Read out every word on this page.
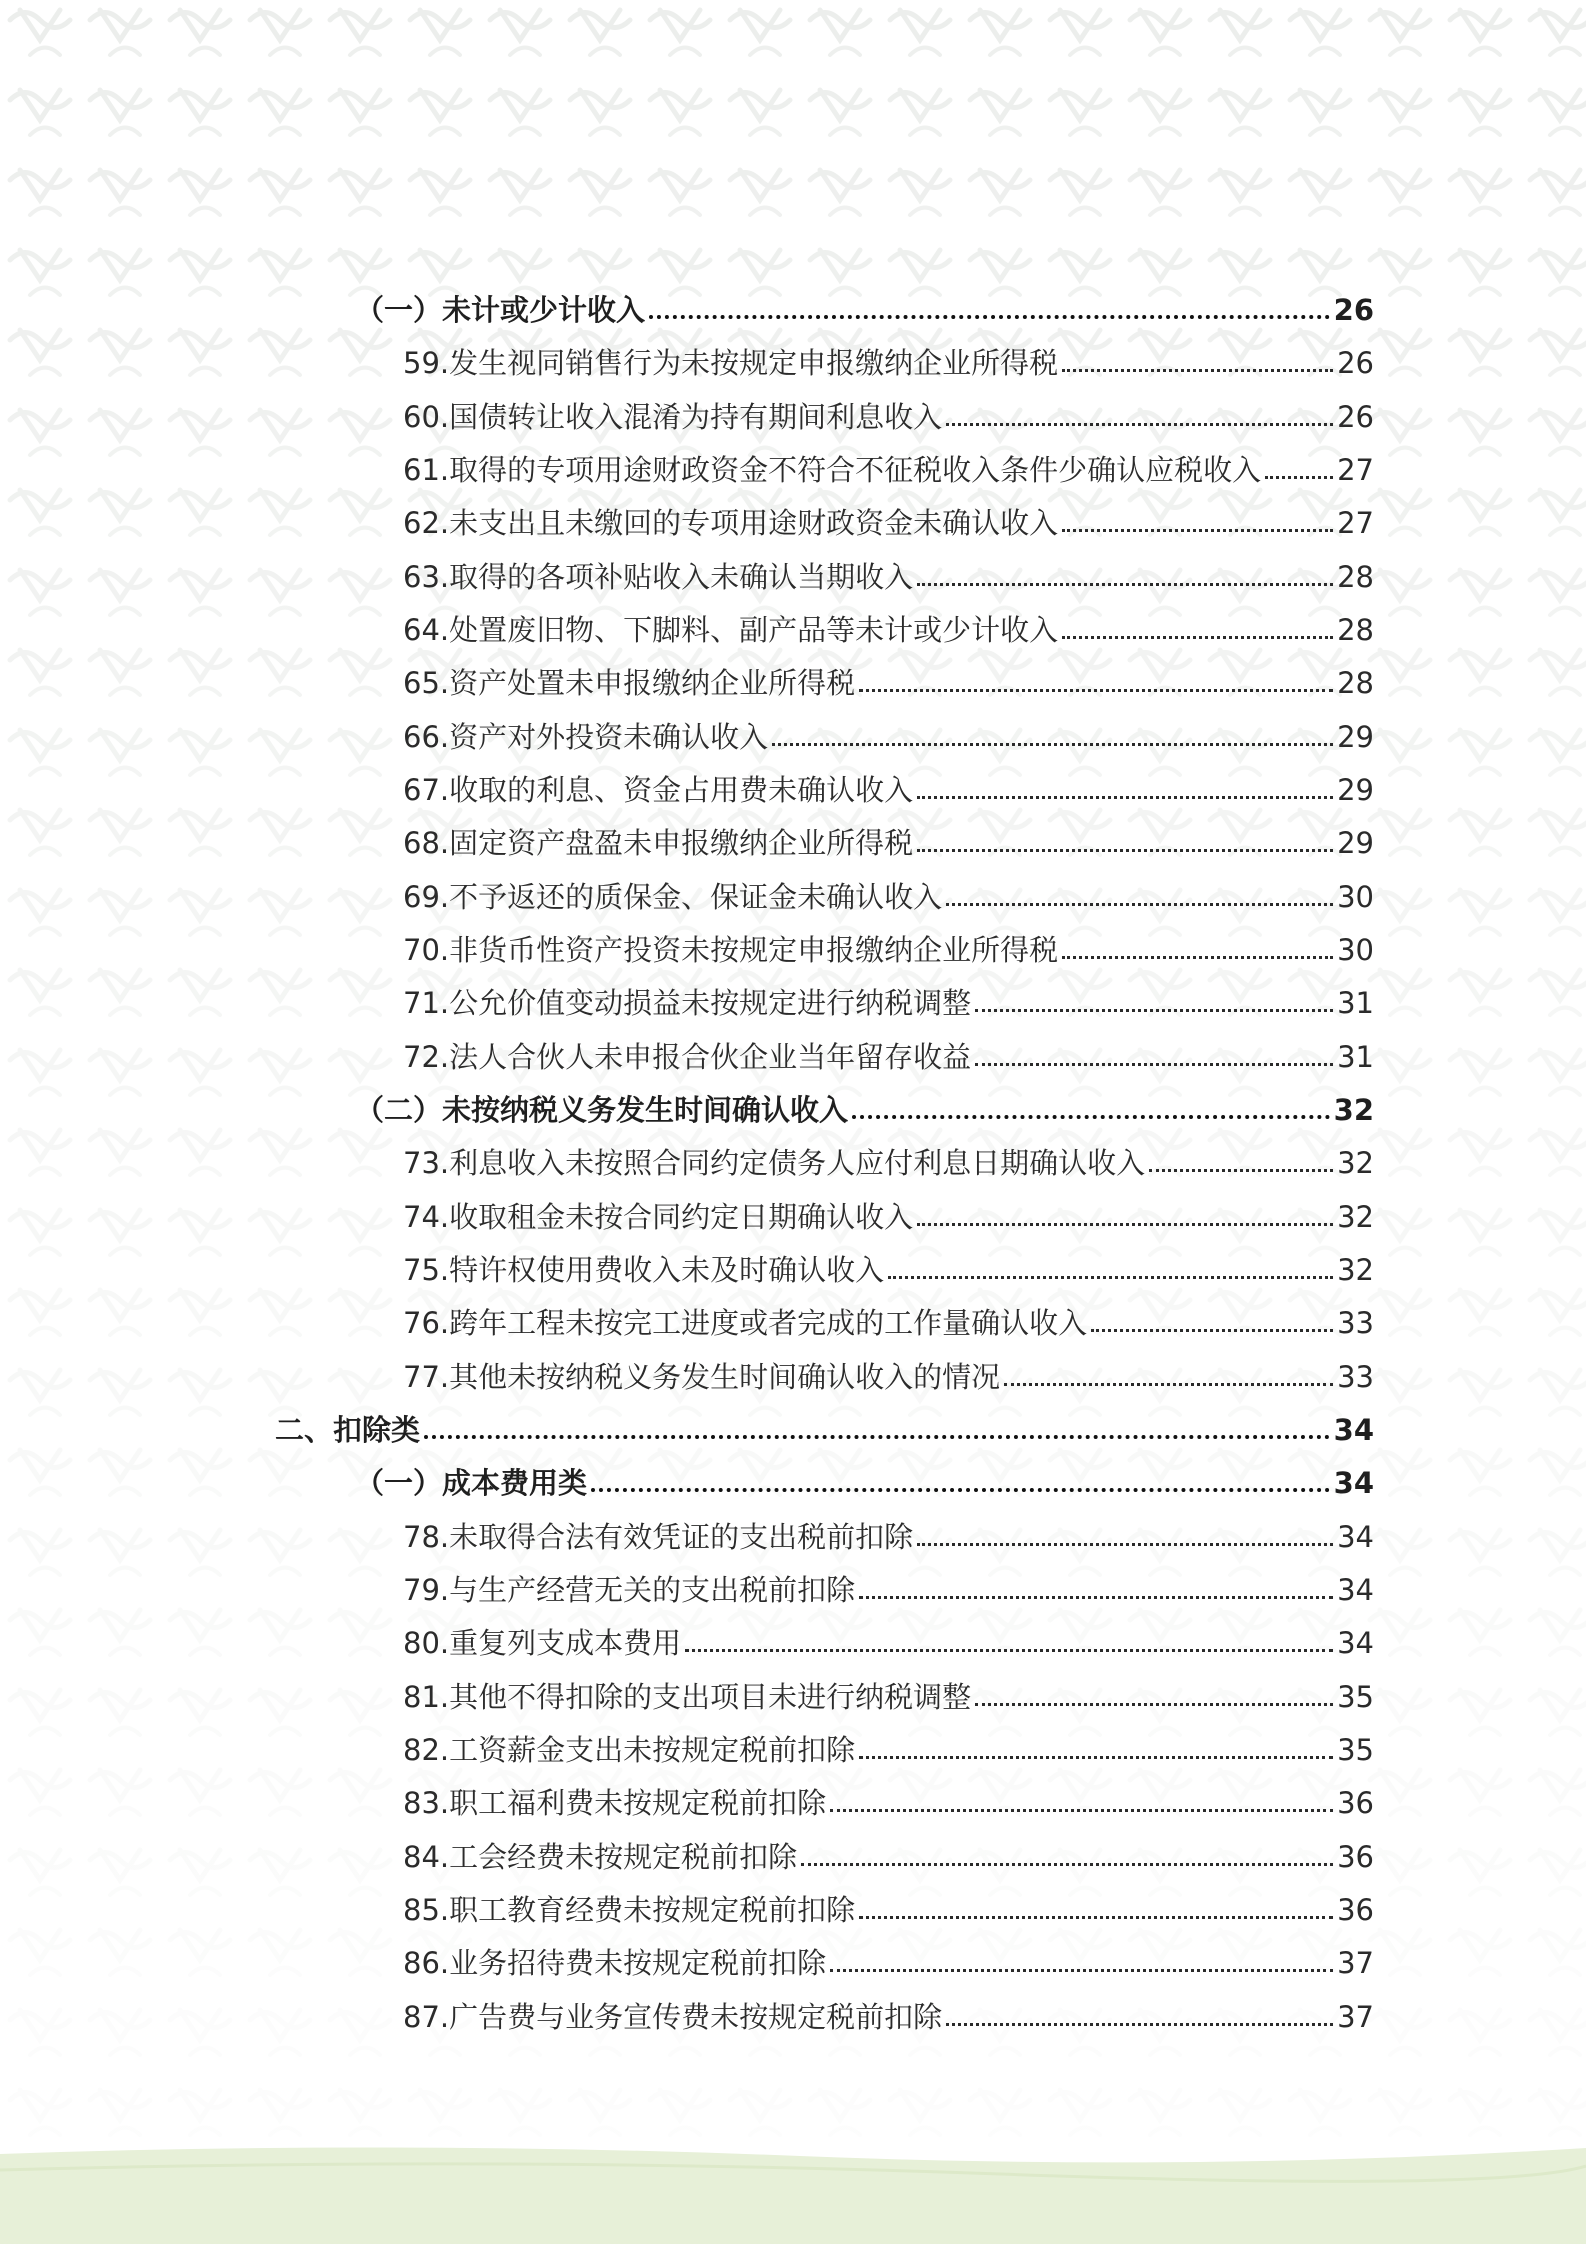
（一）未计或少计收入	26
59.发生视同销售行为未按规定申报缴纳企业所得税	26
60.国债转让收入混淆为持有期间利息收入	26
61.取得的专项用途财政资金不符合不征税收入条件少确认应税收入	27
62.未支出且未缴回的专项用途财政资金未确认收入	27
63.取得的各项补贴收入未确认当期收入	28
64.处置废旧物、下脚料、副产品等未计或少计收入	28
65.资产处置未申报缴纳企业所得税	28
66.资产对外投资未确认收入	29
67.收取的利息、资金占用费未确认收入	29
68.固定资产盘盈未申报缴纳企业所得税	29
69.不予返还的质保金、保证金未确认收入	30
70.非货币性资产投资未按规定申报缴纳企业所得税	30
71.公允价值变动损益未按规定进行纳税调整	31
72.法人合伙人未申报合伙企业当年留存收益	31
（二）未按纳税义务发生时间确认收入	32
73.利息收入未按照合同约定债务人应付利息日期确认收入	32
74.收取租金未按合同约定日期确认收入	32
75.特许权使用费收入未及时确认收入	32
76.跨年工程未按完工进度或者完成的工作量确认收入	33
77.其他未按纳税义务发生时间确认收入的情况	33
二、扣除类	34
（一）成本费用类	34
78.未取得合法有效凭证的支出税前扣除	34
79.与生产经营无关的支出税前扣除	34
80.重复列支成本费用	34
81.其他不得扣除的支出项目未进行纳税调整	35
82.工资薪金支出未按规定税前扣除	35
83.职工福利费未按规定税前扣除	36
84.工会经费未按规定税前扣除	36
85.职工教育经费未按规定税前扣除	36
86.业务招待费未按规定税前扣除	37
87.广告费与业务宣传费未按规定税前扣除	37
